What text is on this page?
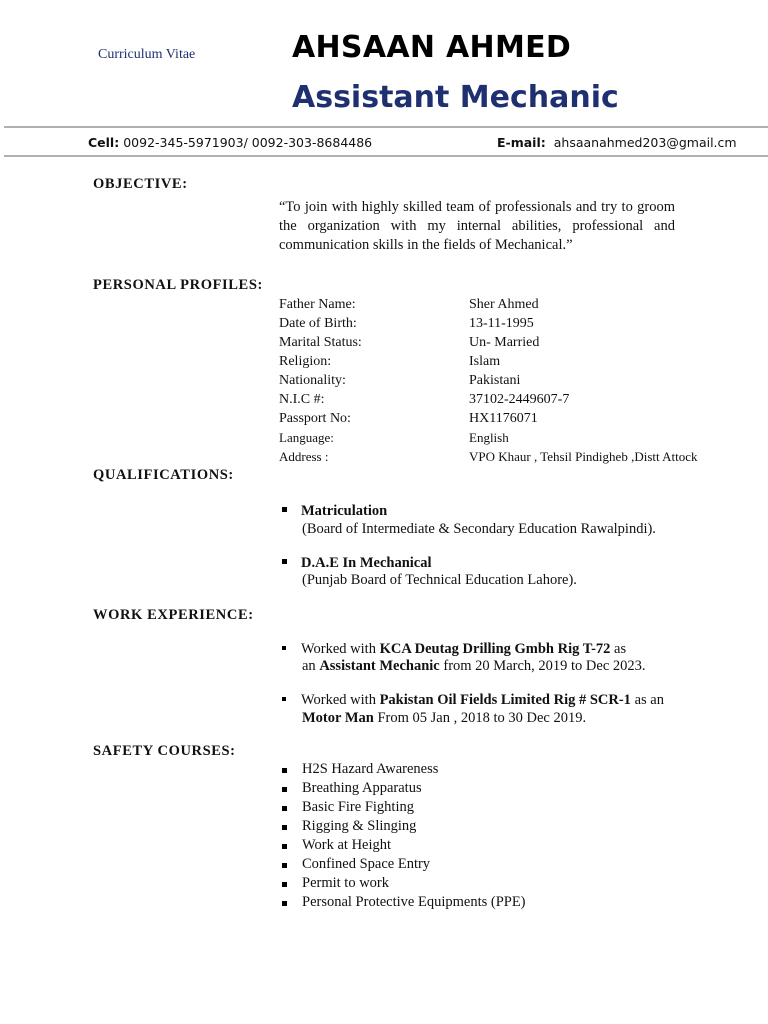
Curriculum Vitae	AHSAAN AHMED
Assistant Mechanic
Cell: 0092-345-5971903/ 0092-303-8684486	E-mail: ahsaanahmed203@gmail.cm
OBJECTIVE:
“To join with highly skilled team of professionals and try to groom the organization with my internal abilities, professional and communication skills in the fields of Mechanical.”
PERSONAL PROFILES:
Father Name:	Sher Ahmed
Date of Birth:	13-11-1995
Marital Status:	Un- Married
Religion:	Islam
Nationality:	Pakistani
N.I.C #:	37102-2449607-7
Passport No:	HX1176071
Language:	English
Address :	VPO Khaur , Tehsil Pindigheb ,Distt Attock
QUALIFICATIONS:
Matriculation
(Board of Intermediate & Secondary Education Rawalpindi).
D.A.E In Mechanical
(Punjab Board of Technical Education Lahore).
WORK EXPERIENCE:
Worked with KCA Deutag Drilling Gmbh Rig T-72 as
an Assistant Mechanic from 20 March, 2019 to Dec 2023.
Worked with Pakistan Oil Fields Limited Rig # SCR-1 as an
Motor Man From 05 Jan , 2018 to 30 Dec 2019.
SAFETY COURSES:
H2S Hazard Awareness
Breathing Apparatus
Basic Fire Fighting
Rigging & Slinging
Work at Height
Confined Space Entry
Permit to work
Personal Protective Equipments (PPE)
